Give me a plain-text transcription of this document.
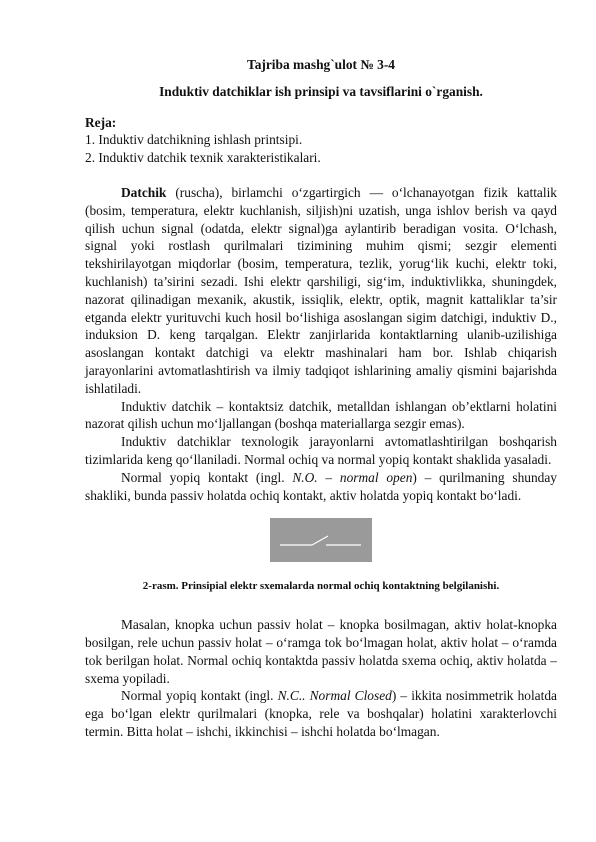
Tajriba mashg`ulot № 3-4
Induktiv datchiklar ish prinsipi va tavsiflarini o`rganish.
Reja:
1. Induktiv datchikning ishlash printsipi.
2. Induktiv datchik texnik xarakteristikalari.

Datchik (ruscha), birlamchi o‘zgartirgich — o‘lchanayotgan fizik kattalik (bosim, temperatura, elektr kuchlanish, siljish)ni uzatish, unga ishlov berish va qayd qilish uchun signal (odatda, elektr signal)ga aylantirib beradigan vosita. O‘lchash, signal yoki rostlash qurilmalari tizimining muhim qismi; sezgir elementi tekshirilayotgan miqdorlar (bosim, temperatura, tezlik, yorug‘lik kuchi, elektr toki, kuchlanish) ta’sirini sezadi. Ishi elektr qarshiligi, sig‘im, induktivlikka, shuningdek, nazorat qilinadigan mexanik, akustik, issiqlik, elektr, optik, magnit kattaliklar ta’sir etganda elektr yurituvchi kuch hosil bo‘lishiga asoslangan sigim datchigi, induktiv D., induksion D. keng tarqalgan. Elektr zanjirlarida kontaktlarning ulanib-uzilishiga asoslangan kontakt datchigi va elektr mashinalari ham bor. Ishlab chiqarish jarayonlarini avtomatlashtirish va ilmiy tadqiqot ishlarining amaliy qismini bajarishda ishlatiladi.

Induktiv datchik – kontaktsiz datchik, metalldan ishlangan ob’ektlarni holatini nazorat qilish uchun mo‘ljallangan (boshqa materiallarga sezgir emas).

Induktiv datchiklar texnologik jarayonlarni avtomatlashtirilgan boshqarish tizimlarida keng qo‘llaniladi. Normal ochiq va normal yopiq kontakt shaklida yasaladi.

Normal yopiq kontakt (ingl. N.O. – normal open) – qurilmaning shunday shakliki, bunda passiv holatda ochiq kontakt, aktiv holatda yopiq kontakt bo‘ladi.

2-rasm. Prinsipial elektr sxemalarda normal ochiq kontaktning belgilanishi.

Masalan, knopka uchun passiv holat – knopka bosilmagan, aktiv holat-knopka bosilgan, rele uchun passiv holat – o‘ramga tok bo‘lmagan holat, aktiv holat – o‘ramda tok berilgan holat. Normal ochiq kontaktda passiv holatda sxema ochiq, aktiv holatda – sxema yopiladi.

Normal yopiq kontakt (ingl. N.C.. Normal Closed) – ikkita nosimmetrik holatda ega bo‘lgan elektr qurilmalari (knopka, rele va boshqalar) holatini xarakterlovchi termin. Bitta holat – ishchi, ikkinchisi – ishchi holatda bo‘lmagan.
